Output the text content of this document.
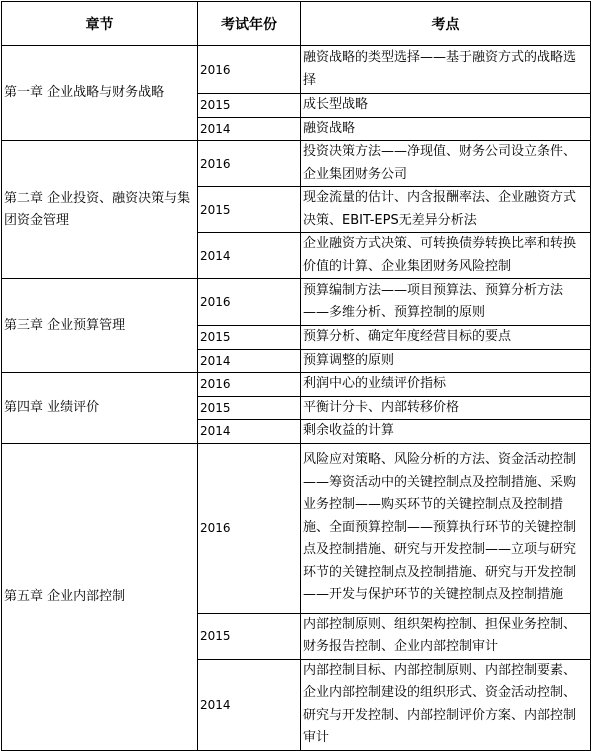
章节	考试年份	考点
第一章 企业战略与财务战略	2016	融资战略的类型选择——基于融资方式的战略选择
	2015	成长型战略
	2014	融资战略
第二章 企业投资、融资决策与集团资金管理	2016	投资决策方法——净现值、财务公司设立条件、企业集团财务公司
	2015	现金流量的估计、内含报酬率法、企业融资方式决策、EBIT-EPS无差异分析法
	2014	企业融资方式决策、可转换债券转换比率和转换价值的计算、企业集团财务风险控制
第三章 企业预算管理	2016	预算编制方法——项目预算法、预算分析方法——多维分析、预算控制的原则
	2015	预算分析、确定年度经营目标的要点
	2014	预算调整的原则
第四章 业绩评价	2016	利润中心的业绩评价指标
	2015	平衡计分卡、内部转移价格
	2014	剩余收益的计算
第五章 企业内部控制	2016	风险应对策略、风险分析的方法、资金活动控制——筹资活动中的关键控制点及控制措施、采购业务控制——购买环节的关键控制点及控制措施、全面预算控制——预算执行环节的关键控制点及控制措施、研究与开发控制——立项与研究环节的关键控制点及控制措施、研究与开发控制——开发与保护环节的关键控制点及控制措施
	2015	内部控制原则、组织架构控制、担保业务控制、财务报告控制、企业内部控制审计
	2014	内部控制目标、内部控制原则、内部控制要素、企业内部控制建设的组织形式、资金活动控制、研究与开发控制、内部控制评价方案、内部控制审计
